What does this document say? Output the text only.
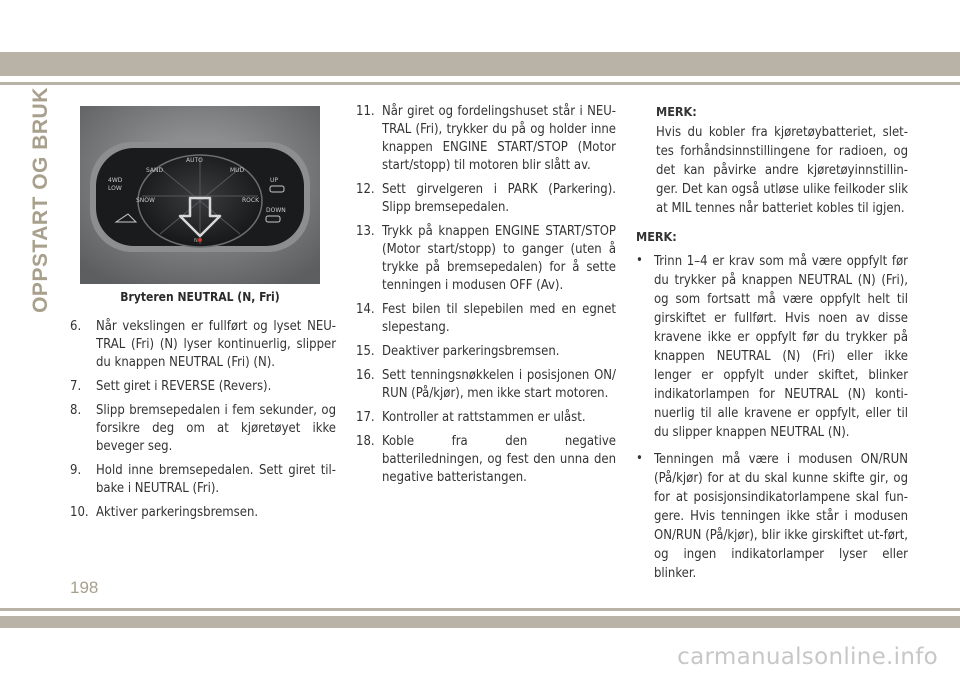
OPPSTART OG BRUK	N
AUTO
SAND	MUD
SNOW	ROCK
4WD
LOW
UP
DOWN
Bryteren NEUTRAL (N, Fri)
6.	Når vekslingen er fullført og lyset NEU-TRAL (Fri) (N) lyser kontinuerlig, slipper du knappen NEUTRAL (Fri) (N).
7.	Sett giret i REVERSE (Revers).
8.	Slipp bremsepedalen i fem sekunder, og forsikre deg om at kjøretøyet ikke beveger seg.
9.	Hold inne bremsepedalen. Sett giret til-bake i NEUTRAL (Fri).
10. Aktiver parkeringsbremsen.
11. Når giret og fordelingshuset står i NEU-TRAL (Fri), trykker du på og holder inne knappen ENGINE START/STOP (Motor start/stopp) til motoren blir slått av.
12. Sett girvelgeren i PARK (Parkering). Slipp bremsepedalen.
13. Trykk på knappen ENGINE START/STOP (Motor start/stopp) to ganger (uten å trykke på bremsepedalen) for å sette tenningen i modusen OFF (Av).
14. Fest bilen til slepebilen med en egnet slepestang.
15. Deaktiver parkeringsbremsen.
16. Sett tenningsnøkkelen i posisjonen ON/ RUN (På/kjør), men ikke start motoren.
17. Kontroller at rattstammen er ulåst.
18. Koble fra den negative batteriledningen, og fest den unna den negative batteristangen.
MERK:
Hvis du kobler fra kjøretøybatteriet, slet-tes forhåndsinnstillingene for radioen, og det kan påvirke andre kjøretøyinnstillin-ger. Det kan også utløse ulike feilkoder slik at MIL tennes når batteriet kobles til igjen.
MERK:
• Trinn 1–4 er krav som må være oppfylt før du trykker på knappen NEUTRAL (N) (Fri), og som fortsatt må være oppfylt helt til girskiftet er fullført. Hvis noen av disse kravene ikke er oppfylt før du trykker på knappen NEUTRAL (N) (Fri) eller ikke lenger er oppfylt under skiftet, blinker indikatorlampen for NEUTRAL (N) konti-nuerlig til alle kravene er oppfylt, eller til du slipper knappen NEUTRAL (N).
• Tenningen må være i modusen ON/RUN (På/kjør) for at du skal kunne skifte gir, og for at posisjonsindikatorlampene skal fun-gere. Hvis tenningen ikke står i modusen ON/RUN (På/kjør), blir ikke girskiftet ut-ført, og ingen indikatorlamper lyser eller blinker.
198
carmanualsonline.info
